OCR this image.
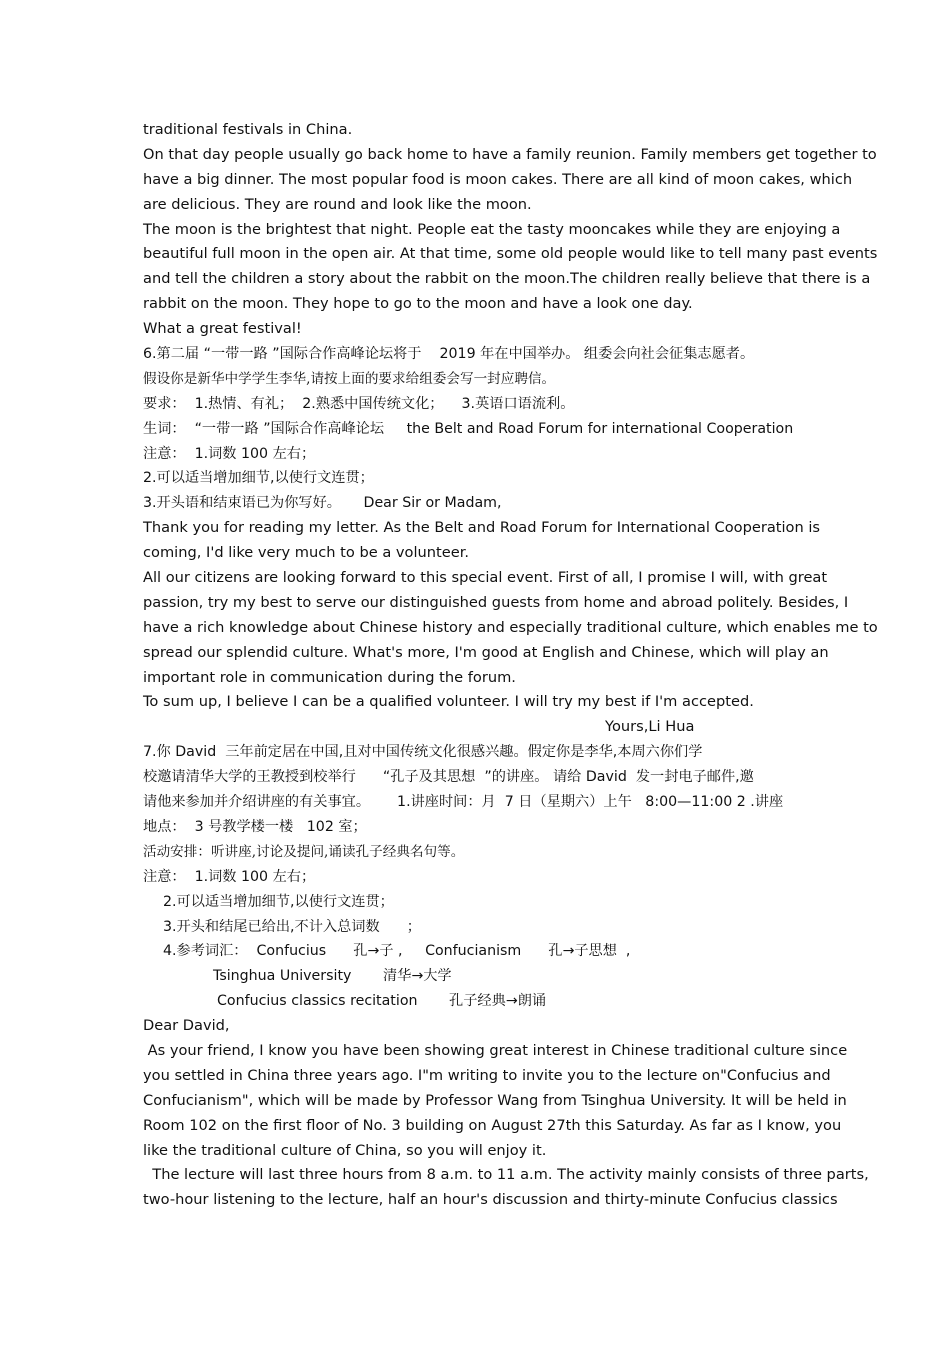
traditional festivals in China.
On that day people usually go back home to have a family reunion. Family members get together to
have a big dinner. The most popular food is moon cakes. There are all kind of moon cakes, which
are delicious. They are round and look like the moon.
The moon is the brightest that night. People eat the tasty mooncakes while they are enjoying a
beautiful full moon in the open air. At that time, some old people would like to tell many past events
and tell the children a story about the rabbit on the moon.The children really believe that there is a
rabbit on the moon. They hope to go to the moon and have a look one day.
What a great festival!
6.第二届 “一带一路 ”国际合作高峰论坛将于    2019 年在中国举办。 组委会向社会征集志愿者。
假设你是新华中学学生李华,请按上面的要求给组委会写一封应聘信。
要求：  1.热情、有礼；  2.熟悉中国传统文化；    3.英语口语流利。
生词：  “一带一路 ”国际合作高峰论坛     the Belt and Road Forum for international Cooperation
注意：  1.词数 100 左右；
2.可以适当增加细节,以使行文连贯；
3.开头语和结束语已为你写好。     Dear Sir or Madam,
Thank you for reading my letter. As the Belt and Road Forum for International Cooperation is
coming, I'd like very much to be a volunteer.
All our citizens are looking forward to this special event. First of all, I promise I will, with great
passion, try my best to serve our distinguished guests from home and abroad politely. Besides, I
have a rich knowledge about Chinese history and especially traditional culture, which enables me to
spread our splendid culture. What's more, I'm good at English and Chinese, which will play an
important role in communication during the forum.
To sum up, I believe I can be a qualified volunteer. I will try my best if I'm accepted.
Yours,Li Hua
7.你 David  三年前定居在中国,且对中国传统文化很感兴趣。假定你是李华,本周六你们学
校邀请清华大学的王教授到校举行      “孔子及其思想  ”的讲座。 请给 David  发一封电子邮件,邀
请他来参加并介绍讲座的有关事宜。      1.讲座时间：月  7 日（星期六）上午   8:00—11:00 2 .讲座
地点：  3 号教学楼一楼   102 室；
活动安排：听讲座,讨论及提问,诵读孔子经典名句等。
注意：  1.词数 100 左右；
2.可以适当增加细节,以使行文连贯；
3.开头和结尾已给出,不计入总词数      ；
4.参考词汇：  Confucius      孔→子 ,     Confucianism      孔→子思想  ,
Tsinghua University       清华→大学
Confucius classics recitation       孔子经典→朗诵
Dear David,
As your friend, I know you have been showing great interest in Chinese traditional culture since
you settled in China three years ago. I"m writing to invite you to the lecture on"Confucius and
Confucianism", which will be made by Professor Wang from Tsinghua University. It will be held in
Room 102 on the first floor of No. 3 building on August 27th this Saturday. As far as I know, you
like the traditional culture of China, so you will enjoy it.
The lecture will last three hours from 8 a.m. to 11 a.m. The activity mainly consists of three parts,
two-hour listening to the lecture, half an hour's discussion and thirty-minute Confucius classics
